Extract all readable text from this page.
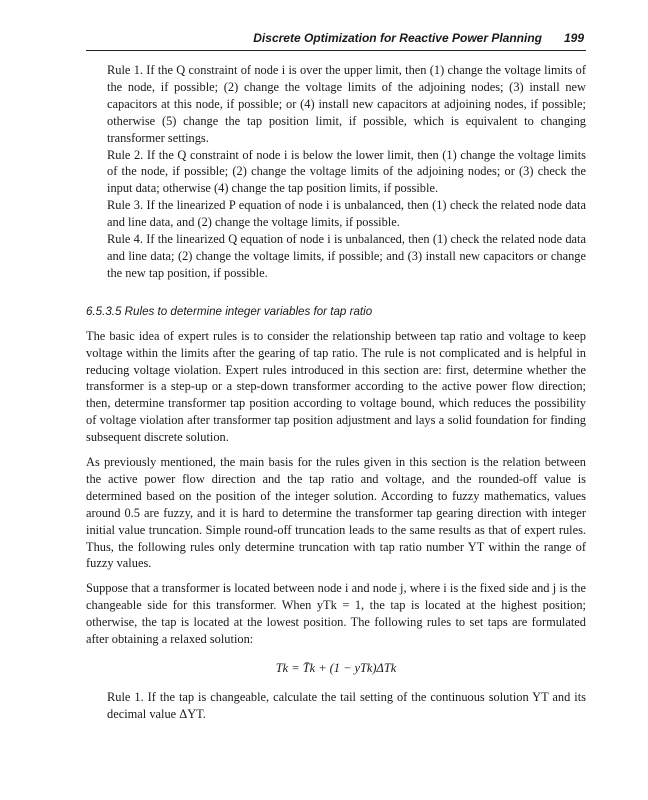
Discrete Optimization for Reactive Power Planning 199

Rule 1. If the Q constraint of node i is over the upper limit, then (1) change the voltage limits of the node, if possible; (2) change the voltage limits of the adjoining nodes; (3) install new capacitors at this node, if possible; or (4) install new capacitors at adjoining nodes, if possible; otherwise (5) change the tap position limit, if possible, which is equivalent to changing transformer settings.

Rule 2. If the Q constraint of node i is below the lower limit, then (1) change the voltage limits of the node, if possible; (2) change the voltage limits of the adjoining nodes; or (3) check the input data; otherwise (4) change the tap position limits, if possible.

Rule 3. If the linearized P equation of node i is unbalanced, then (1) check the related node data and line data, and (2) change the voltage limits, if possible.

Rule 4. If the linearized Q equation of node i is unbalanced, then (1) check the related node data and line data; (2) change the voltage limits, if possible; and (3) install new capacitors or change the new tap position, if possible.

6.5.3.5 Rules to determine integer variables for tap ratio

The basic idea of expert rules is to consider the relationship between tap ratio and voltage to keep voltage within the limits after the gearing of tap ratio. The rule is not complicated and is helpful in reducing voltage violation. Expert rules introduced in this section are: first, determine whether the transformer is a step-up or a step-down transformer according to the active power flow direction; then, determine transformer tap position according to voltage bound, which reduces the possibility of voltage violation after transformer tap position adjustment and lays a solid foundation for finding subsequent discrete solution.

As previously mentioned, the main basis for the rules given in this section is the relation between the active power flow direction and the tap ratio and voltage, and the rounded-off value is determined based on the position of the integer solution. According to fuzzy mathematics, values around 0.5 are fuzzy, and it is hard to determine the transformer tap gearing direction with integer initial value truncation. Simple round-off truncation leads to the same results as that of expert rules. Thus, the following rules only determine truncation with tap ratio number YT within the range of fuzzy values.

Suppose that a transformer is located between node i and node j, where i is the fixed side and j is the changeable side for this transformer. When yTk = 1, the tap is located at the highest position; otherwise, the tap is located at the lowest position. The following rules to set taps are formulated after obtaining a relaxed solution:

Tk = T̄k + (1 − yTk)ΔTk

Rule 1. If the tap is changeable, calculate the tail setting of the continuous solution YT and its decimal value ΔYT.
